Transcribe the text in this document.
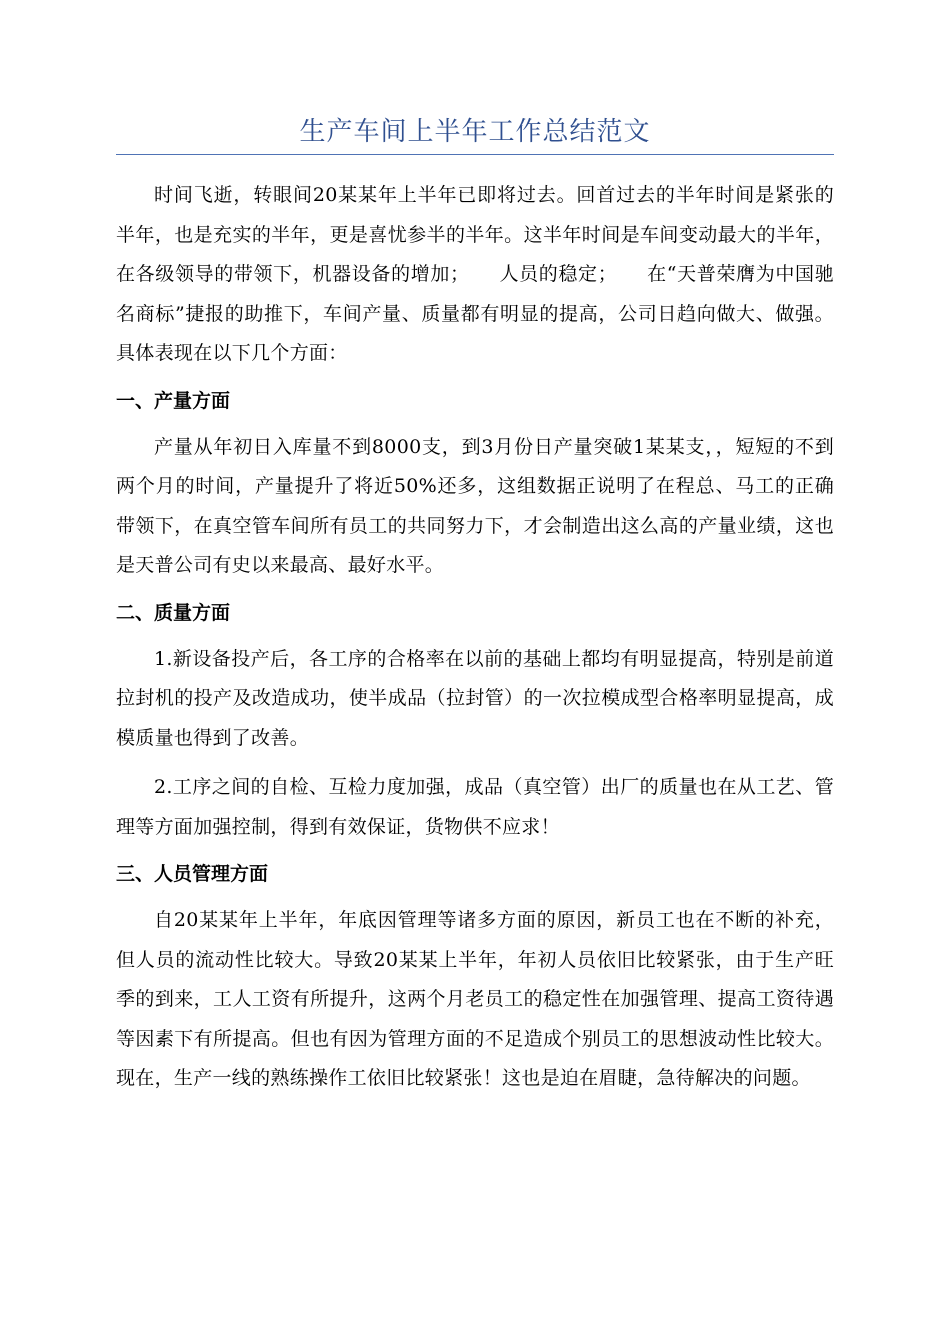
生产车间上半年工作总结范文

时间飞逝，转眼间20某某年上半年已即将过去。回首过去的半年时间是紧张的半年，也是充实的半年，更是喜忧参半的半年。这半年时间是车间变动最大的半年，在各级领导的带领下，机器设备的增加；　　人员的稳定；　　在“天普荣膺为中国驰名商标”捷报的助推下，车间产量、质量都有明显的提高，公司日趋向做大、做强。具体表现在以下几个方面：

一、产量方面

产量从年初日入库量不到8000支，到3月份日产量突破1某某支，，短短的不到两个月的时间，产量提升了将近50%还多，这组数据正说明了在程总、马工的正确带领下，在真空管车间所有员工的共同努力下，才会制造出这么高的产量业绩，这也是天普公司有史以来最高、最好水平。

二、质量方面

1.新设备投产后，各工序的合格率在以前的基础上都均有明显提高，特别是前道拉封机的投产及改造成功，使半成品（拉封管）的一次拉模成型合格率明显提高，成模质量也得到了改善。

2.工序之间的自检、互检力度加强，成品（真空管）出厂的质量也在从工艺、管理等方面加强控制，得到有效保证，货物供不应求！

三、人员管理方面

自20某某年上半年，年底因管理等诸多方面的原因，新员工也在不断的补充，但人员的流动性比较大。导致20某某上半年，年初人员依旧比较紧张，由于生产旺季的到来，工人工资有所提升，这两个月老员工的稳定性在加强管理、提高工资待遇等因素下有所提高。但也有因为管理方面的不足造成个别员工的思想波动性比较大。现在，生产一线的熟练操作工依旧比较紧张！这也是迫在眉睫，急待解决的问题。
